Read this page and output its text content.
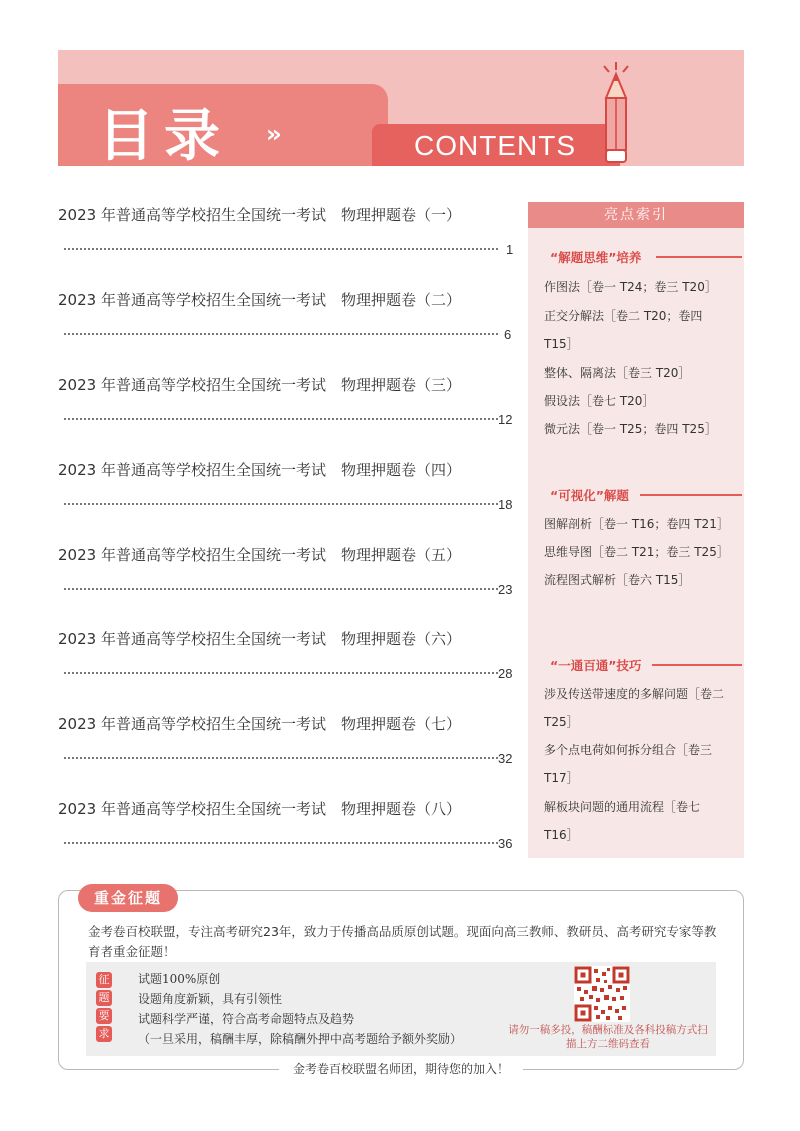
目录 ››	CONTENTS
2023 年普通高等学校招生全国统一考试　物理押题卷（一）
1
2023 年普通高等学校招生全国统一考试　物理押题卷（二）
6
2023 年普通高等学校招生全国统一考试　物理押题卷（三）
12
2023 年普通高等学校招生全国统一考试　物理押题卷（四）
18
2023 年普通高等学校招生全国统一考试　物理押题卷（五）
23
2023 年普通高等学校招生全国统一考试　物理押题卷（六）
28
2023 年普通高等学校招生全国统一考试　物理押题卷（七）
32
2023 年普通高等学校招生全国统一考试　物理押题卷（八）
36
亮点索引
“解题思维”培养
作图法［卷一 T24；卷三 T20］
正交分解法［卷二 T20；卷四
T15］
整体、隔离法［卷三 T20］
假设法［卷七 T20］
微元法［卷一 T25；卷四 T25］
“可视化”解题
图解剖析［卷一 T16；卷四 T21］
思维导图［卷二 T21；卷三 T25］
流程图式解析［卷六 T15］
“一通百通”技巧
涉及传送带速度的多解问题［卷二
T25］
多个点电荷如何拆分组合［卷三
T17］
解板块问题的通用流程［卷七
T16］
重金征题
金考卷百校联盟，专注高考研究23年，致力于传播高品质原创试题。现面向高三教师、教研员、高考研究专家等教育者重金征题！
征
题
要
求
试题100%原创
设题角度新颖，具有引领性
试题科学严谨，符合高考命题特点及趋势
（一旦采用，稿酬丰厚，除稿酬外押中高考题给予额外奖励）
请勿一稿多投，稿酬标准及各科投稿方式扫描上方二维码查看
金考卷百校联盟名师团，期待您的加入！
